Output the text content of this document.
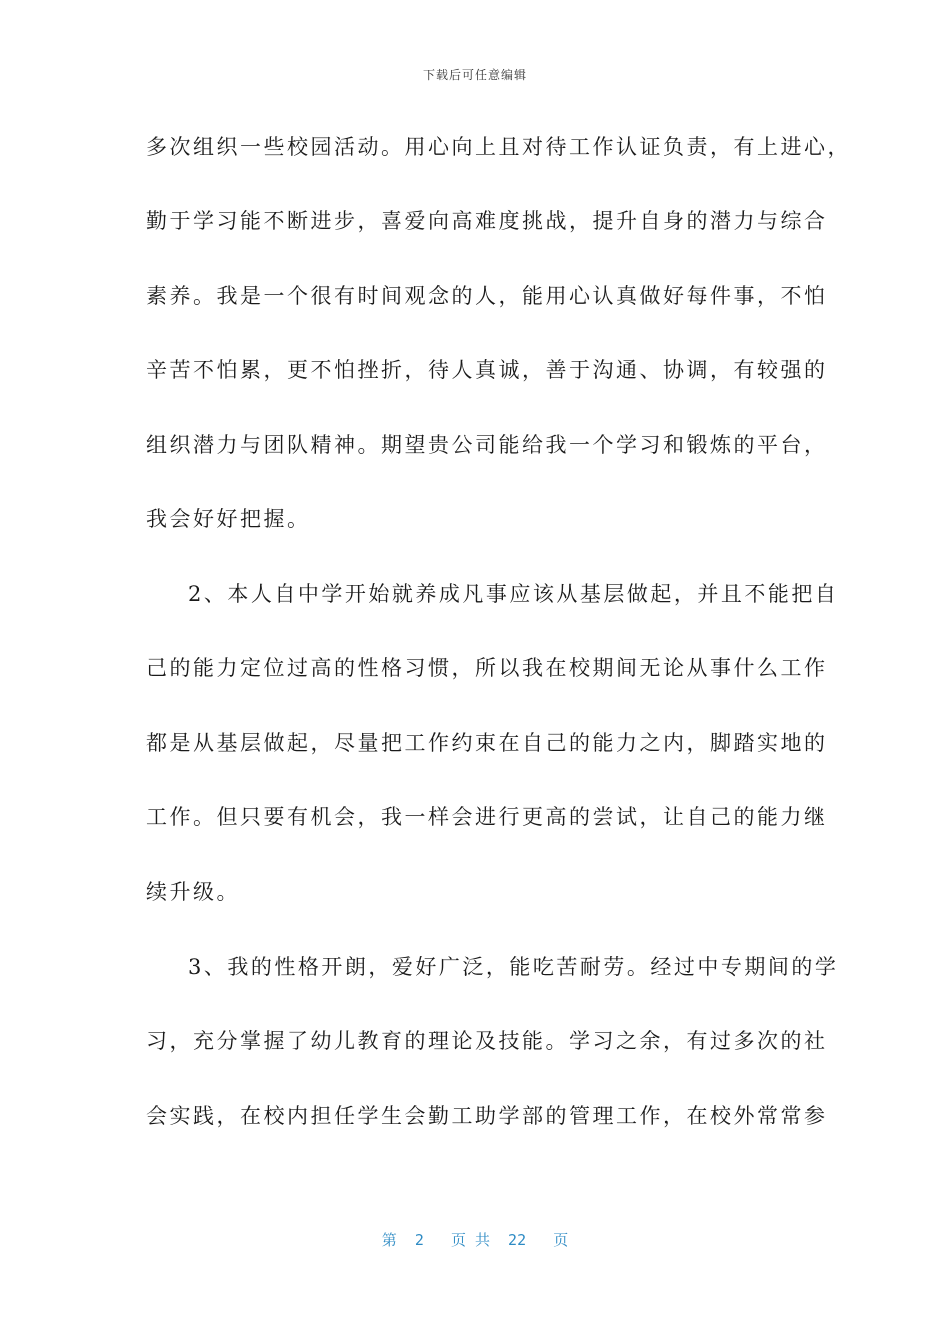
下载后可任意编辑
多次组织一些校园活动。用心向上且对待工作认证负责，有上进心，
勤于学习能不断进步，喜爱向高难度挑战，提升自身的潜力与综合
素养。我是一个很有时间观念的人，能用心认真做好每件事，不怕
辛苦不怕累，更不怕挫折，待人真诚，善于沟通、协调，有较强的
组织潜力与团队精神。期望贵公司能给我一个学习和锻炼的平台，
我会好好把握。
2、本人自中学开始就养成凡事应该从基层做起，并且不能把自
己的能力定位过高的性格习惯，所以我在校期间无论从事什么工作
都是从基层做起，尽量把工作约束在自己的能力之内，脚踏实地的
工作。但只要有机会，我一样会进行更高的尝试，让自己的能力继
续升级。
3、我的性格开朗，爱好广泛，能吃苦耐劳。经过中专期间的学
习，充分掌握了幼儿教育的理论及技能。学习之余，有过多次的社
会实践，在校内担任学生会勤工助学部的管理工作，在校外常常参
第  2   页 共  22   页
